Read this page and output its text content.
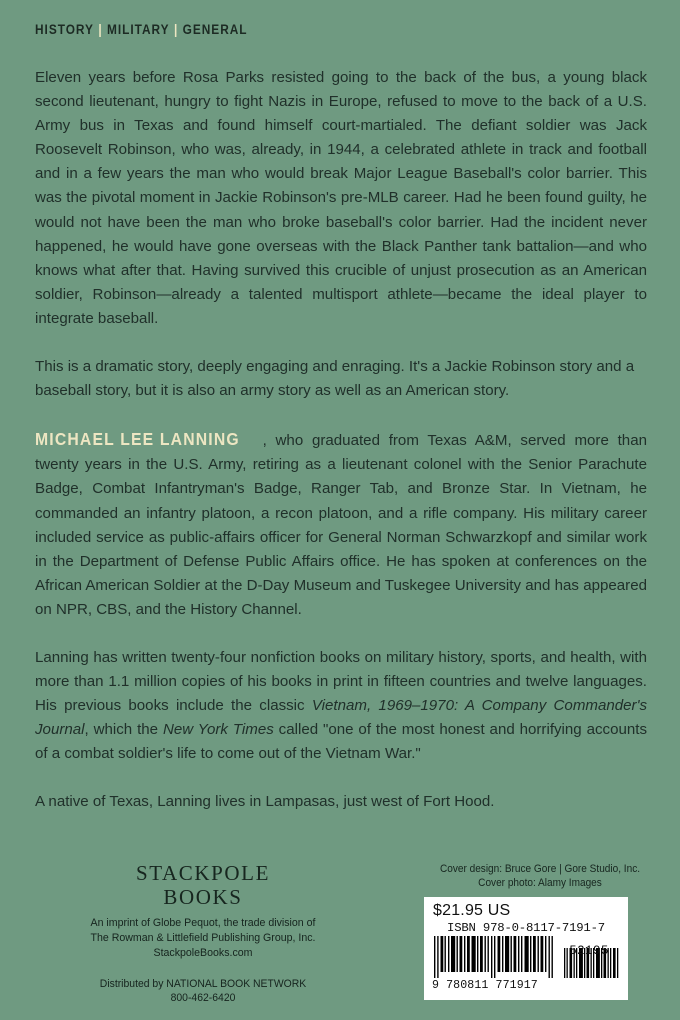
HISTORY | MILITARY | GENERAL

Eleven years before Rosa Parks resisted going to the back of the bus, a young black second lieutenant, hungry to fight Nazis in Europe, refused to move to the back of a U.S. Army bus in Texas and found himself court-martialed. The defiant soldier was Jack Roosevelt Robinson, who was, already, in 1944, a celebrated athlete in track and football and in a few years the man who would break Major League Baseball's color barrier. This was the pivotal moment in Jackie Robinson's pre-MLB career. Had he been found guilty, he would not have been the man who broke baseball's color barrier. Had the incident never happened, he would have gone overseas with the Black Panther tank battalion—and who knows what after that. Having survived this crucible of unjust prosecution as an American soldier, Robinson—already a talented multisport athlete—became the ideal player to integrate baseball.

This is a dramatic story, deeply engaging and enraging. It's a Jackie Robinson story and a baseball story, but it is also an army story as well as an American story.

MICHAEL LEE LANNING , who graduated from Texas A&M, served more than twenty years in the U.S. Army, retiring as a lieutenant colonel with the Senior Parachute Badge, Combat Infantryman's Badge, Ranger Tab, and Bronze Star. In Vietnam, he commanded an infantry platoon, a recon platoon, and a rifle company. His military career included service as public-affairs officer for General Norman Schwarzkopf and similar work in the Department of Defense Public Affairs office. He has spoken at conferences on the African American Soldier at the D-Day Museum and Tuskegee University and has appeared on NPR, CBS, and the History Channel.

Lanning has written twenty-four nonfiction books on military history, sports, and health, with more than 1.1 million copies of his books in print in fifteen countries and twelve languages. His previous books include the classic Vietnam, 1969–1970: A Company Commander's Journal, which the New York Times called "one of the most honest and horrifying accounts of a combat soldier's life to come out of the Vietnam War."

A native of Texas, Lanning lives in Lampasas, just west of Fort Hood.

STACKPOLE
BOOKS
An imprint of Globe Pequot, the trade division of
The Rowman & Littlefield Publishing Group, Inc.
StackpoleBooks.com
Distributed by NATIONAL BOOK NETWORK
800-462-6420
Cover design: Bruce Gore | Gore Studio, Inc.
Cover photo: Alamy Images
$21.95 US
ISBN 978-0-8117-7191-7
9 780811 771917
52195
